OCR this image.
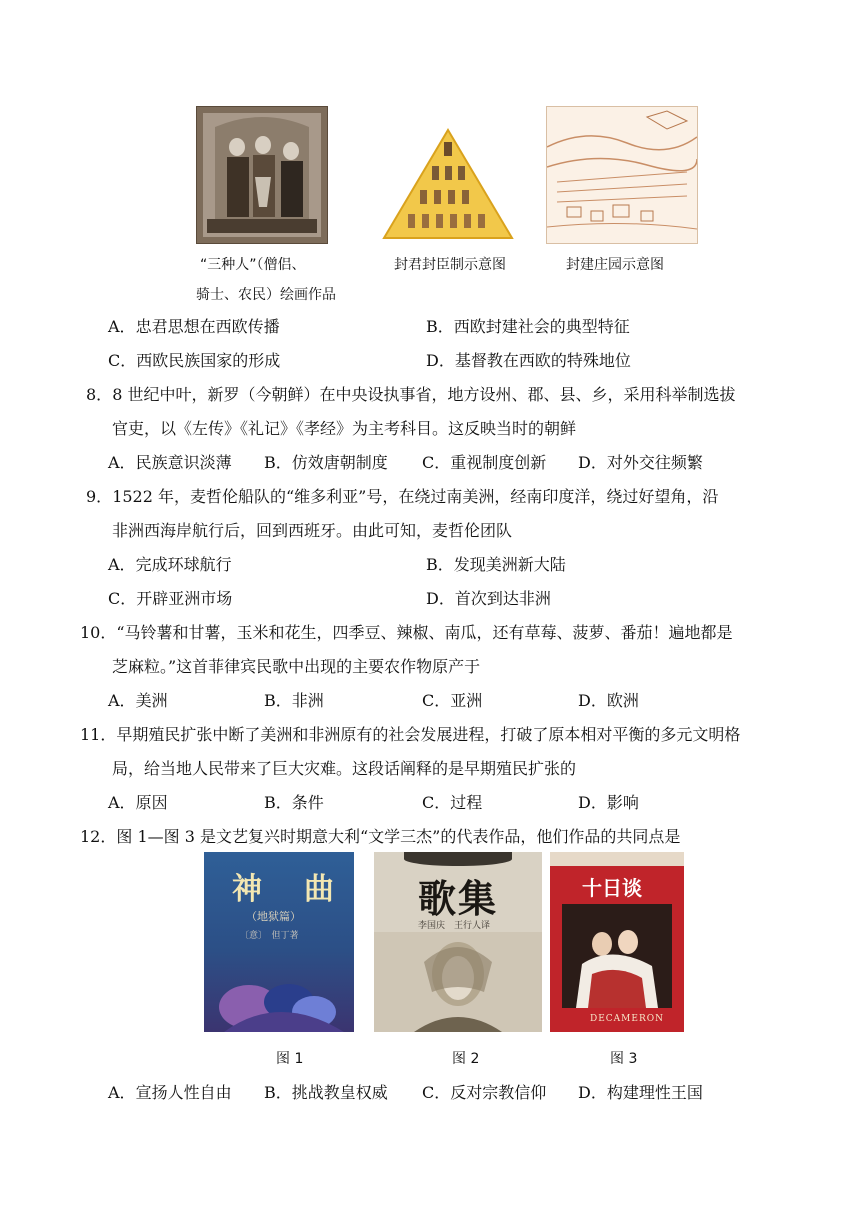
“三种人”（僧侣、
骑士、农民）绘画作品
封君封臣制示意图	封建庄园示意图
A．忠君思想在西欧传播	B．西欧封建社会的典型特征
C．西欧民族国家的形成	D．基督教在西欧的特殊地位
8．8 世纪中叶，新罗（今朝鲜）在中央设执事省，地方设州、郡、县、乡，采用科举制选拔
官吏，以《左传》《礼记》《孝经》为主考科目。这反映当时的朝鲜
A．民族意识淡薄 B．仿效唐朝制度 C．重视制度创新 D．对外交往频繁
9．1522 年，麦哲伦船队的“维多利亚”号，在绕过南美洲，经南印度洋，绕过好望角，沿
非洲西海岸航行后，回到西班牙。由此可知，麦哲伦团队
A．完成环球航行	B．发现美洲新大陆
C．开辟亚洲市场	D．首次到达非洲
10．“马铃薯和甘薯，玉米和花生，四季豆、辣椒、南瓜，还有草莓、菠萝、番茄！遍地都是
芝麻粒。”这首菲律宾民歌中出现的主要农作物原产于
A．美洲	B．非洲	C．亚洲	D．欧洲
11．早期殖民扩张中断了美洲和非洲原有的社会发展进程，打破了原本相对平衡的多元文明格
局，给当地人民带来了巨大灾难。这段话阐释的是早期殖民扩张的
A．原因	B．条件	C．过程	D．影响
12．图 1—图 3 是文艺复兴时期意大利“文学三杰”的代表作品，他们作品的共同点是
神　曲
（地狱篇）
〔意〕　但丁著
图 1
歌集
李国庆　王行人译
图 2
十日谈
DECAMERON
图 3
A．宣扬人性自由 B．挑战教皇权威 C．反对宗教信仰 D．构建理性王国
